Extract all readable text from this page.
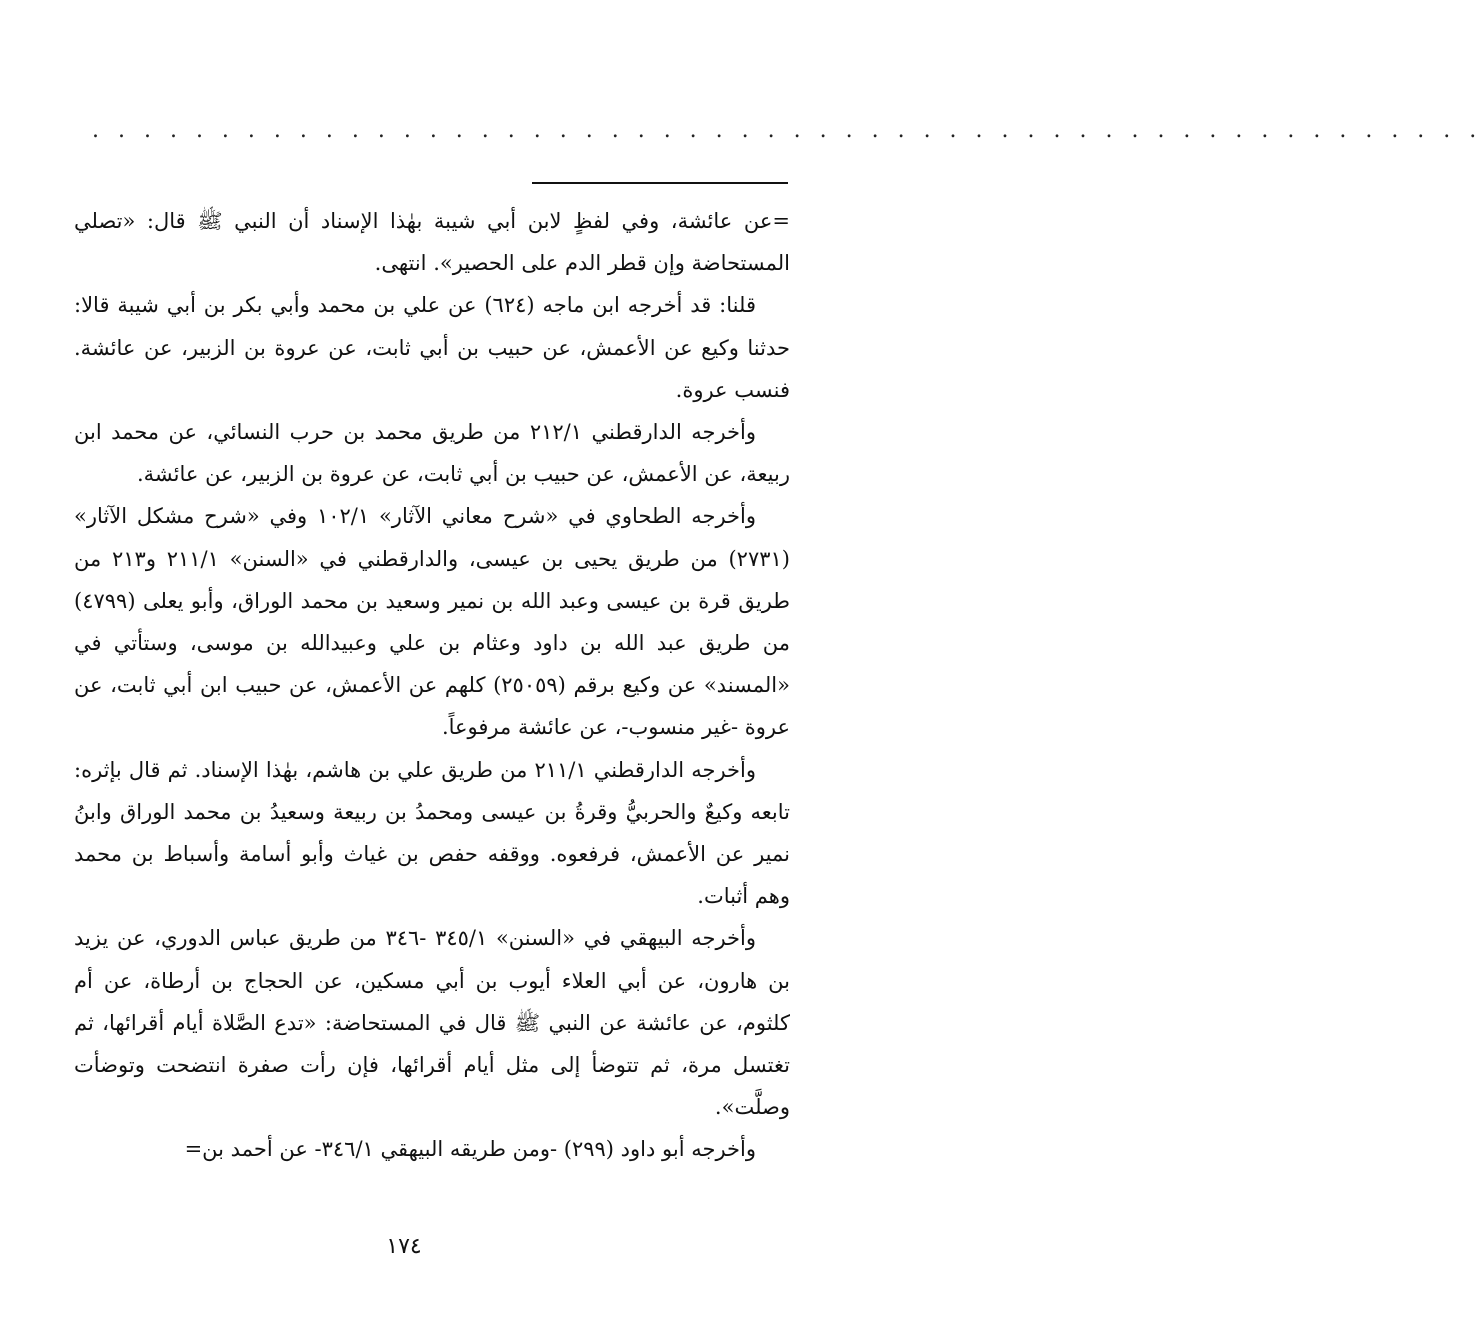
. . . . . . . . . . . . . . . . . . . . . . . . . . . . . . . . . . . . . . . . . . . . . . . . . . . . . .

=عن عائشة، وفي لفظٍ لابن أبي شيبة بهٰذا الإسناد أن النبي ﷺ قال: «تصلي المستحاضة وإن قطر الدم على الحصير». انتهى.

قلنا: قد أخرجه ابن ماجه (٦٢٤) عن علي بن محمد وأبي بكر بن أبي شيبة قالا: حدثنا وكيع عن الأعمش، عن حبيب بن أبي ثابت، عن عروة بن الزبير، عن عائشة. فنسب عروة.

وأخرجه الدارقطني ٢١٢/١ من طريق محمد بن حرب النسائي، عن محمد ابن ربيعة، عن الأعمش، عن حبيب بن أبي ثابت، عن عروة بن الزبير، عن عائشة.

وأخرجه الطحاوي في «شرح معاني الآثار» ١٠٢/١ وفي «شرح مشكل الآثار» (٢٧٣١) من طريق يحيى بن عيسى، والدارقطني في «السنن» ٢١١/١ و٢١٣ من طريق قرة بن عيسى وعبد الله بن نمير وسعيد بن محمد الوراق، وأبو يعلى (٤٧٩٩) من طريق عبد الله بن داود وعثام بن علي وعبيدالله بن موسى، وستأتي في «المسند» عن وكيع برقم (٢٥٠٥٩) كلهم عن الأعمش، عن حبيب ابن أبي ثابت، عن عروة -غير منسوب-، عن عائشة مرفوعاً.

وأخرجه الدارقطني ٢١١/١ من طريق علي بن هاشم، بهٰذا الإسناد. ثم قال بإثره: تابعه وكيعٌ والحربيُّ وقرةُ بن عيسى ومحمدُ بن ربيعة وسعيدُ بن محمد الوراق وابنُ نمير عن الأعمش، فرفعوه. ووقفه حفص بن غياث وأبو أسامة وأسباط بن محمد وهم أثبات.

وأخرجه البيهقي في «السنن» ٣٤٥/١ -٣٤٦ من طريق عباس الدوري، عن يزيد بن هارون، عن أبي العلاء أيوب بن أبي مسكين، عن الحجاج بن أرطاة، عن أم كلثوم، عن عائشة عن النبي ﷺ قال في المستحاضة: «تدع الصَّلاة أيام أقرائها، ثم تغتسل مرة، ثم تتوضأ إلى مثل أيام أقرائها، فإن رأت صفرة انتضحت وتوضأت وصلَّت».

وأخرجه أبو داود (٢٩٩) -ومن طريقه البيهقي ٣٤٦/١- عن أحمد بن=

١٧٤
